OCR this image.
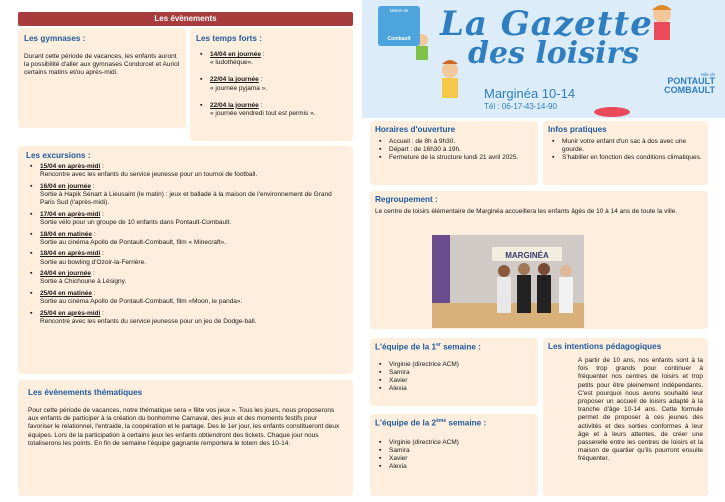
Les évènements
Les gymnases :
Durant cette période de vacances, les enfants auront la possibilité d'aller aux gymnases Condorcet et Auriol certains matins et/ou après-midi.
Les temps forts :
▪ 14/04 en journée :
« ludothèque».
▪ 22/04 la journée :
« journée pyjama ».
▪ 22/04 la journée :
« journée vendredi tout est permis ».
Les excursions :
▪ 15/04 en après-midi :
Rencontre avec les enfants du service jeunesse pour un tournoi de football.
▪ 16/04 en journée :
Sortie à Hapik Sénart à Lieusaint (le matin) : jeux et ballade à la maison de l'environnement de Grand Paris Sud (l'après-midi).
▪ 17/04 en après-midi :
Sortie vélo pour un groupe de 10 enfants dans Pontault-Combault.
▪ 18/04 en matinée :
Sortie au cinéma Apollo de Pontault-Combault, film « Minecraft».
▪ 18/04 en après-midi :
Sortie au bowling d'Ozoir-la-Ferrière.
▪ 24/04 en journée :
Sortie à Chichoune à Lésigny.
▪ 25/04 en matinée :
Sortie au cinéma Apollo de Pontault-Combault, film «Moon, le panda».
▪ 25/04 en après-midi :
Rencontre avec les enfants du service jeunesse pour un jeu de Dodge-ball.
Les évènements thématiques
Pour cette période de vacances, notre thématique sera « fête vos jeux ». Tous les jours, nous proposerons aux enfants de participer à la création du bonhomme Carnaval, des jeux et des moments festifs pour favoriser le relationnel, l'entraide, la coopération et le partage. Des le 1er jour, les enfants constitueront deux équipes. Lors de la participation à certains jeux les enfants obtiendront des tickets. Chaque jour nous totaliserons les points. En fin de semaine l'équipe gagnante remportera le totem des 10-14.
Mairie de
Combault La Gazette
des loisirs
Marginéa 10-14
Tél : 06-17-43-14-90
Ville de
PONTAULT
COMBAULT
Horaires d'ouverture
▪ Accueil : de 8h à 9h30.
▪ Départ : de 16h30 à 19h.
▪ Fermeture de la structure lundi 21 avril 2025.
Infos pratiques
▪ Munir votre enfant d'un sac à dos avec une gourde.
▪ S'habiller en fonction des conditions climatiques.
Regroupement :
Le centre de loisirs élémentaire de Marginéa accueillera les enfants âgés de 10 à 14 ans de toute la ville.
MARGINÉA
L'équipe de la 1er semaine :
▪ Virginie (directrice ACM)
▪ Samira
▪ Xavier
▪ Alexia
L'équipe de la 2ème semaine :
▪ Virginie (directrice ACM)
▪ Samira
▪ Xavier
▪ Alexia
Les intentions pédagogiques
A partir de 10 ans, nos enfants sont à la fois trop grands pour continuer à fréquenter nos centres de loisirs et trop petits pour être pleinement indépendants. C'est pourquoi nous avons souhaité leur proposer un accueil de loisirs adapté à la tranche d'âge 10-14 ans. Cette formule permet de proposer à ces jeunes des activités et des sorties conformes à leur âge et à leurs attentes, de créer une passerelle entre les centres de loisirs et la maison de quartier qu'ils pourront ensuite fréquenter.
